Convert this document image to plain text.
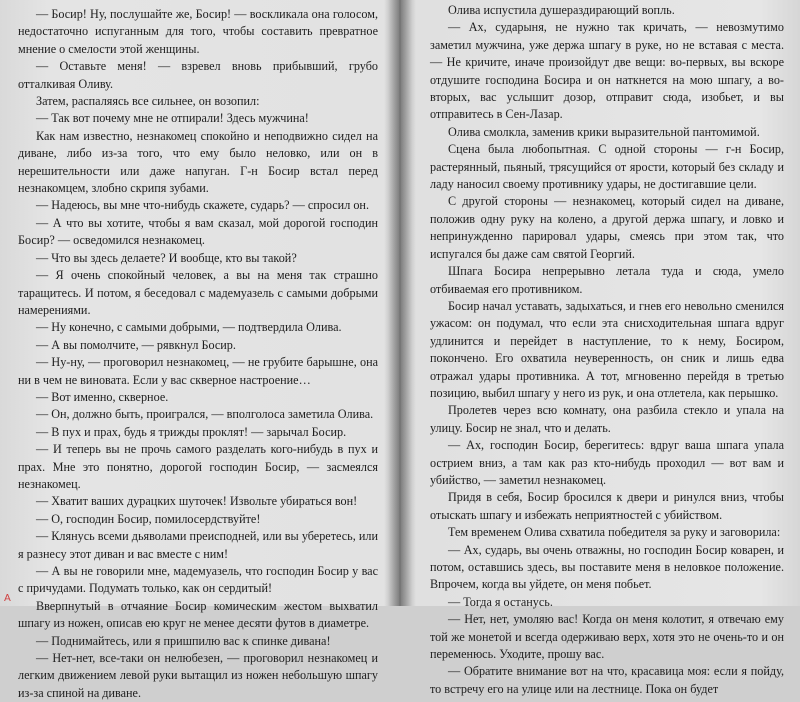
— Босир! Ну, послушайте же, Босир! — воскликала она голосом, недостаточно испуганным для того, чтобы составить превратное мнение о смелости этой женщины.

— Оставьте меня! — взревел вновь прибывший, грубо отталкивая Оливу.

Затем, распаляясь все сильнее, он возопил:

— Так вот почему мне не отпирали! Здесь мужчина!

Как нам известно, незнакомец спокойно и неподвижно сидел на диване, либо из-за того, что ему было неловко, или он в нерешительности или даже напуган. Г-н Босир встал перед незнакомцем, злобно скрипя зубами.

— Надеюсь, вы мне что-нибудь скажете, сударь? — спросил он.

— А что вы хотите, чтобы я вам сказал, мой дорогой господин Босир? — осведомился незнакомец.

— Что вы здесь делаете? И вообще, кто вы такой?

— Я очень спокойный человек, а вы на меня так страшно таращитесь. И потом, я беседовал с мадемуазель с самыми добрыми намерениями.

— Ну конечно, с самыми добрыми, — подтвердила Олива.

— А вы помолчите, — рявкнул Босир.

— Ну-ну, — проговорил незнакомец, — не грубите барышне, она ни в чем не виновата. Если у вас скверное настроение…

— Вот именно, скверное.

— Он, должно быть, проигрался, — вполголоса заметила Олива.

— В пух и прах, будь я трижды проклят! — зарычал Босир.

— И теперь вы не прочь самого разделать кого-нибудь в пух и прах. Мне это понятно, дорогой господин Босир, — засмеялся незнакомец.

— Хватит ваших дурацких шуточек! Извольте убираться вон!

— О, господин Босир, помилосердствуйте!

— Клянусь всеми дьяволами преисподней, или вы уберетесь, или я разнесу этот диван и вас вместе с ним!

— А вы не говорили мне, мадемуазель, что господин Босир у вас с причудами. Подумать только, как он сердитый!

Вверпнутый в отчаяние Босир комическим жестом выхватил шпагу из ножен, описав ею круг не менее десяти футов в диаметре.

— Поднимайтесь, или я пришпилю вас к спинке дивана!

— Нет-нет, все-таки он нелюбезен, — проговорил незнакомец и легким движением левой руки вытащил из ножен небольшую шпагу из-за спиной на диване.

Олива испустила душераздирающий вопль.

— Ах, сударыня, не нужно так кричать, — невозмутимо заметил мужчина, уже держа шпагу в руке, но не вставая с места. — Не кричите, иначе произойдут две вещи: во-первых, вы вскоре отдушите господина Босира и он наткнется на мою шпагу, а во-вторых, вас услышит дозор, отправит сюда, изобьет, и вы отправитесь в Сен-Лазар.

Олива смолкла, заменив крики выразительной пантомимой.

Сцена была любопытная. С одной стороны — г-н Босир, растерянный, пьяный, трясущийся от ярости, который без складу и ладу наносил своему противнику удары, не достигавшие цели.

С другой стороны — незнакомец, который сидел на диване, положив одну руку на колено, а другой держа шпагу, и ловко и непринужденно парировал удары, смеясь при этом так, что испугался бы даже сам святой Георгий.

Шпага Босира непрерывно летала туда и сюда, умело отбиваемая его противником.

Босир начал уставать, задыхаться, и гнев его невольно сменился ужасом: он подумал, что если эта снисходительная шпага вдруг удлинится и перейдет в наступление, то к нему, Босиром, покончено. Его охватила неуверенность, он сник и лишь едва отражал удары противника. А тот, мгновенно перейдя в третью позицию, выбил шпагу у него из рук, и она отлетела, как перышко.

Пролетев через всю комнату, она разбила стекло и упала на улицу. Босир не знал, что и делать.

— Ах, господин Босир, берегитесь: вдруг ваша шпага упала острием вниз, а там как раз кто-нибудь проходил — вот вам и убийство, — заметил незнакомец.

Придя в себя, Босир бросился к двери и ринулся вниз, чтобы отыскать шпагу и избежать неприятностей с убийством.

Тем временем Олива схватила победителя за руку и заговорила:

— Ах, сударь, вы очень отважны, но господин Босир коварен, и потом, оставшись здесь, вы поставите меня в неловкое положение. Впрочем, когда вы уйдете, он меня побьет.

— Тогда я останусь.

— Нет, нет, умоляю вас! Когда он меня колотит, я отвечаю ему той же монетой и всегда одерживаю верх, хотя это не очень-то и он переменюсь. Уходите, прошу вас.

— Обратите внимание вот на что, красавица моя: если я пойду, то встречу его на улице или на лестнице. Пока он будет

A
